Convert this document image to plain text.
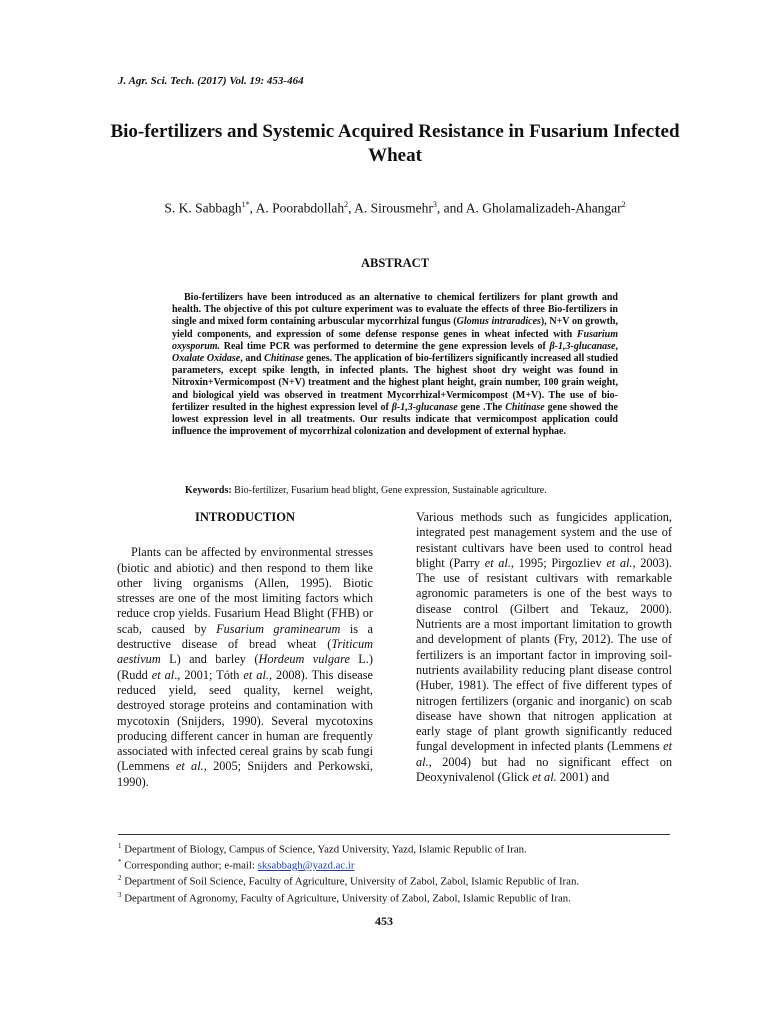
J. Agr. Sci. Tech. (2017) Vol. 19: 453-464

Bio-fertilizers and Systemic Acquired Resistance in Fusarium Infected Wheat

S. K. Sabbagh$^{1*}$, A. Poorabdollah$^2$, A. Sirousmehr$^3$, and A. Gholamalizadeh-Ahangar$^2$

ABSTRACT

Bio-fertilizers have been introduced as an alternative to chemical fertilizers for plant growth and health. The objective of this pot culture experiment was to evaluate the effects of three Bio-fertilizers in single and mixed form containing arbuscular mycorrhizal fungus (Glomus intraradices), N+V on growth, yield components, and expression of some defense response genes in wheat infected with Fusarium oxysporum. Real time PCR was performed to determine the gene expression levels of β-1,3-glucanase, Oxalate Oxidase, and Chitinase genes. The application of bio-fertilizers significantly increased all studied parameters, except spike length, in infected plants. The highest shoot dry weight was found in Nitroxin+Vermicompost (N+V) treatment and the highest plant height, grain number, 100 grain weight, and biological yield was observed in treatment Mycorrhizal+Vermicompost (M+V). The use of bio-fertilizer resulted in the highest expression level of β-1,3-glucanase gene .The Chitinase gene showed the lowest expression level in all treatments. Our results indicate that vermicompost application could influence the improvement of mycorrhizal colonization and development of external hyphae.

Keywords: Bio-fertilizer, Fusarium head blight, Gene expression, Sustainable agriculture.

INTRODUCTION

Plants can be affected by environmental stresses (biotic and abiotic) and then respond to them like other living organisms (Allen, 1995). Biotic stresses are one of the most limiting factors which reduce crop yields. Fusarium Head Blight (FHB) or scab, caused by Fusarium graminearum is a destructive disease of bread wheat (Triticum aestivum L) and barley (Hordeum vulgare L.) (Rudd et al., 2001; Tóth et al., 2008). This disease reduced yield, seed quality, kernel weight, destroyed storage proteins and contamination with mycotoxin (Snijders, 1990). Several mycotoxins producing different cancer in human are frequently associated with infected cereal grains by scab fungi (Lemmens et al., 2005; Snijders and Perkowski, 1990).

Various methods such as fungicides application, integrated pest management system and the use of resistant cultivars have been used to control head blight (Parry et al., 1995; Pirgozliev et al., 2003). The use of resistant cultivars with remarkable agronomic parameters is one of the best ways to disease control (Gilbert and Tekauz, 2000). Nutrients are a most important limitation to growth and development of plants (Fry, 2012). The use of fertilizers is an important factor in improving soil-nutrients availability reducing plant disease control (Huber, 1981). The effect of five different types of nitrogen fertilizers (organic and inorganic) on scab disease have shown that nitrogen application at early stage of plant growth significantly reduced fungal development in infected plants (Lemmens et al., 2004) but had no significant effect on Deoxynivalenol (Glick et al. 2001) and

$^1$ Department of Biology, Campus of Science, Yazd University, Yazd, Islamic Republic of Iran.

* Corresponding author; e-mail: sksabbagh@yazd.ac.ir

$^2$ Department of Soil Science, Faculty of Agriculture, University of Zabol, Zabol, Islamic Republic of Iran.

$^3$ Department of Agronomy, Faculty of Agriculture, University of Zabol, Zabol, Islamic Republic of Iran.

453
